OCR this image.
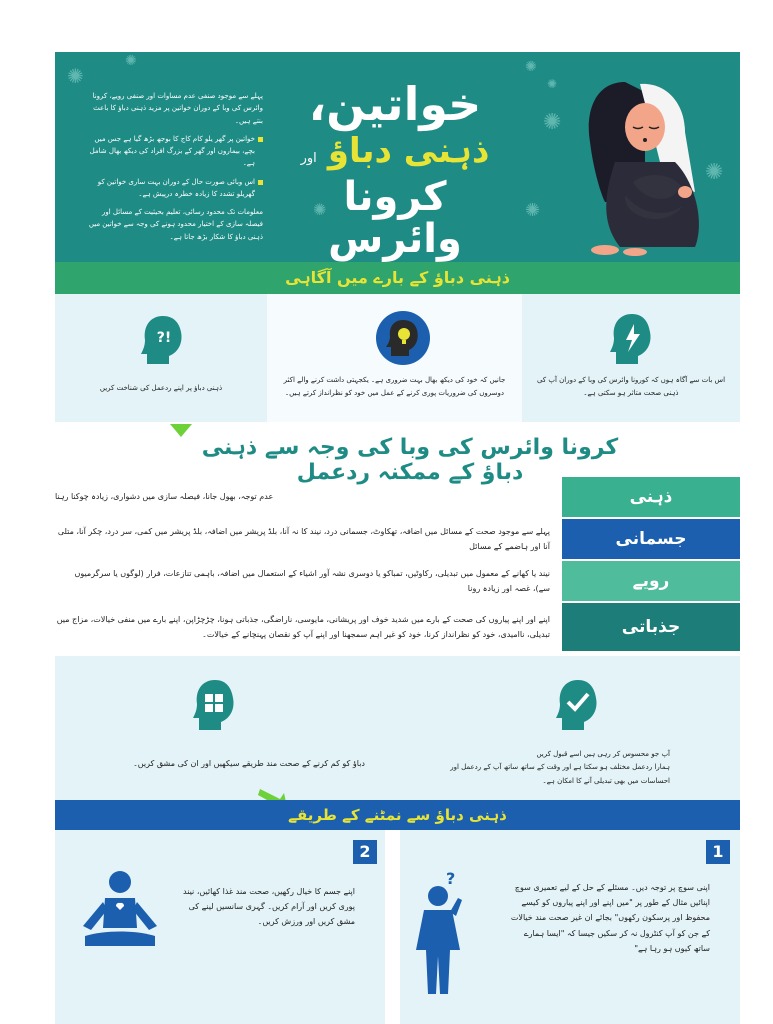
✺
✺
✺
✺
✺
✺
✺
✺

پہلے سے موجود صنفی عدم مساوات اور صنفی رویے، کرونا وائرس کی وبا کے دوران خواتین پر مزید ذہنی دباؤ کا باعث بنتے ہیں۔

خواتین پر گھر یلو کام کاج کا بوجھ بڑھ گیا ہے جس میں بچے، بیماروں اور گھر کے بزرگ افراد کی دیکھ بھال شامل ہے۔

اس وبائی صورت حال کے دوران بہت ساری خواتین کو گھریلو تشدد کا زیادہ خطرہ درپیش ہے۔

معلومات تک محدود رسائی، تعلیم بحیثیت کے مسائل اور فیصلہ سازی کے اختیار محدود ہونے کی وجہ سے خواتین میں ذہنی دباؤ کا شکار بڑھ جاتا ہے۔

خواتین،
ذہنی دباؤ اور
کرونا وائرس
ذہنی دباؤ کے بارے میں آگاہی
?!
ذہنی دباؤ پر اپنے ردعمل کی شناخت کریں
جانیں کہ خود کی دیکھ بھال بہت ضروری ہے۔ یکجہتی داشت کرنے والے اکثر دوسروں کی ضروریات پوری کرنے کے عمل میں خود کو نظرانداز کرتے ہیں۔
اس بات سے آگاہ ہوں کہ کورونا وائرس کی وبا کے دوران آپ کی ذہنی صحت متاثر ہو سکتی ہے۔
کرونا وائرس کی وبا کی وجہ سے ذہنی دباؤ کے ممکنہ ردعمل
عدم توجہ، بھول جانا، فیصلہ سازی میں دشواری، زیادہ چوکنا رہنا	ذہنی
پہلے سے موجود صحت کے مسائل میں اضافہ، تھکاوٹ، جسمانی درد، نیند کا نہ آنا، بلڈ پریشر میں اضافہ، بلڈ پریشر میں کمی، سر درد، چکر آنا، متلی آنا اور ہاضمے کے مسائل	جسمانی
نیند یا کھانے کے معمول میں تبدیلی، رکاوٹیں، تمباکو یا دوسری نشہ آور اشیاء کے استعمال میں اضافہ، باہمی تنازعات، فرار (لوگوں یا سرگرمیوں سے)، غصہ اور زیادہ رونا	رویے
اپنے اور اپنے پیاروں کی صحت کے بارے میں شدید خوف اور پریشانی، مایوسی، ناراضگی، جذباتی ہونا، چڑچڑاپن، اپنے بارے میں منفی خیالات، مزاج میں تبدیلی، ناامیدی، خود کو نظرانداز کرنا، خود کو غیر اہم سمجھنا اور اپنے آپ کو نقصان پہنچانے کے خیالات۔	جذباتی
دباؤ کو کم کرنے کے صحت مند طریقے سیکھیں اور ان کی مشق کریں۔
آپ جو محسوس کر رہی ہیں اسے قبول کریں
ہمارا ردعمل مختلف ہو سکتا ہے اور وقت کے ساتھ ساتھ آپ کے ردعمل اور احساسات میں بھی تبدیلی آنے کا امکان ہے۔
ذہنی دباؤ سے نمٹنے کے طریقے
2
اپنے جسم کا خیال رکھیں، صحت مند غذا کھائیں، نیند پوری کریں اور آرام کریں۔ گہری سانسیں لینے کی مشق کریں اور ورزش کریں۔
1
?	اپنی سوچ پر توجہ دیں۔ مسئلے کے حل کے لیے تعمیری سوچ اپنائیں مثال کے طور پر "میں اپنے اور اپنے پیاروں کو کیسے محفوظ اور پرسکون رکھوں" بجائے ان غیر صحت مند خیالات کے جن کو آپ کنٹرول نہ کر سکیں جیسا کہ "ایسا ہمارے ساتھ کیوں ہو رہا ہے"
